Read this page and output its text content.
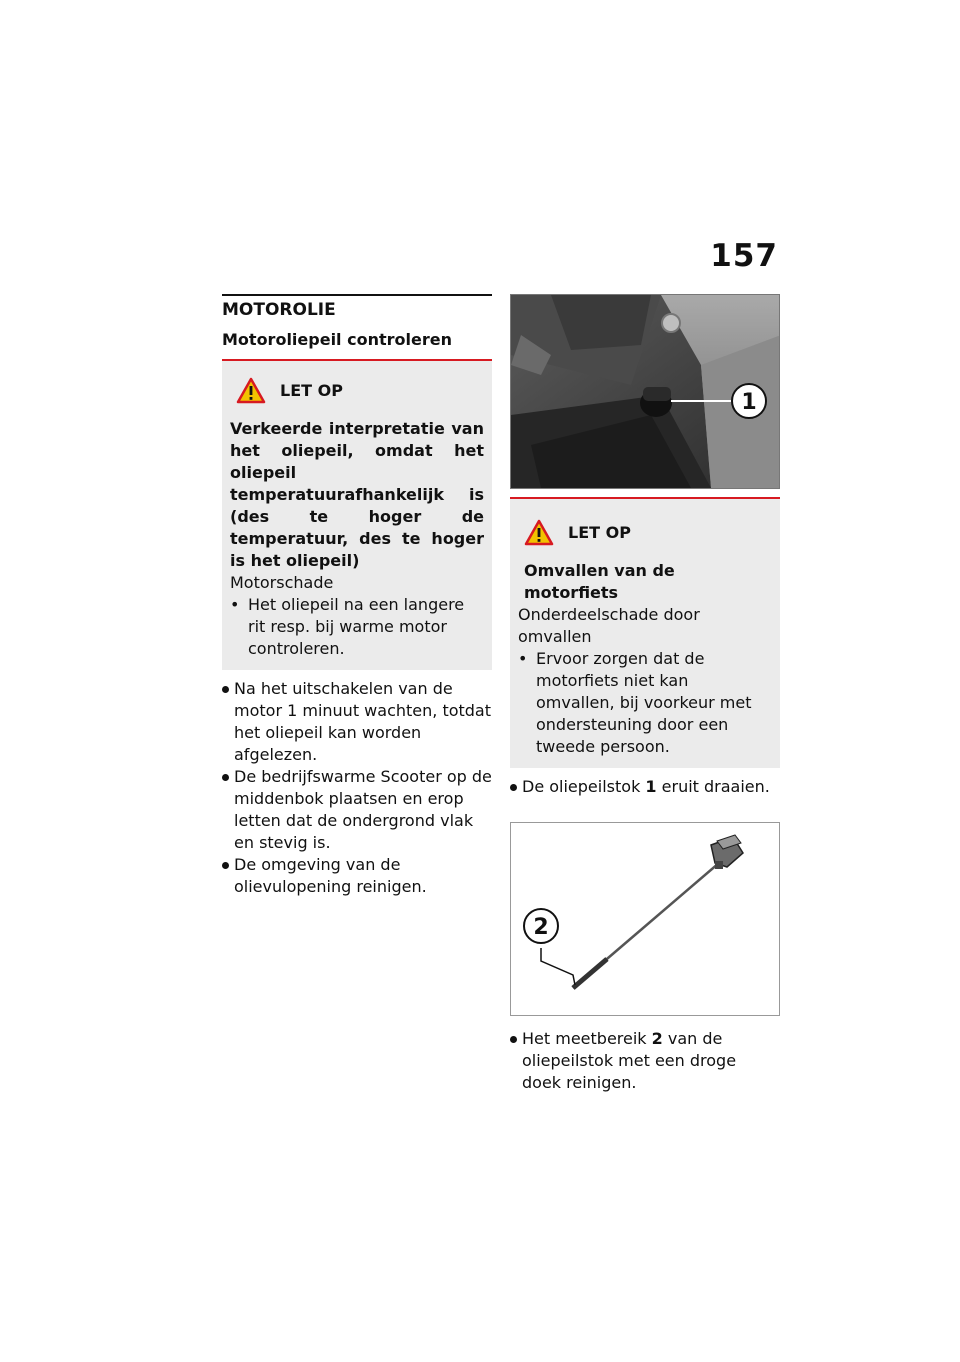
157
MOTOROLIE
Motoroliepeil controleren
LET OP
Verkeerde interpretatie van het oliepeil, omdat het oliepeil temperatuurafhankelijk is (des te hoger de temperatuur, des te hoger is het oliepeil)
Motorschade
• Het oliepeil na een langere rit resp. bij warme motor controleren.
Na het uitschakelen van de motor 1 minuut wachten, totdat het oliepeil kan worden afgelezen.
De bedrijfswarme Scooter op de middenbok plaatsen en erop letten dat de ondergrond vlak en stevig is.
De omgeving van de olievulopening reinigen.
1
LET OP
Omvallen van de motorfiets
Onderdeelschade door omvallen
• Ervoor zorgen dat de motorfiets niet kan omvallen, bij voorkeur met ondersteuning door een tweede persoon.
De oliepeilstok 1 eruit draaien.
2
Het meetbereik 2 van de oliepeilstok met een droge doek reinigen.
